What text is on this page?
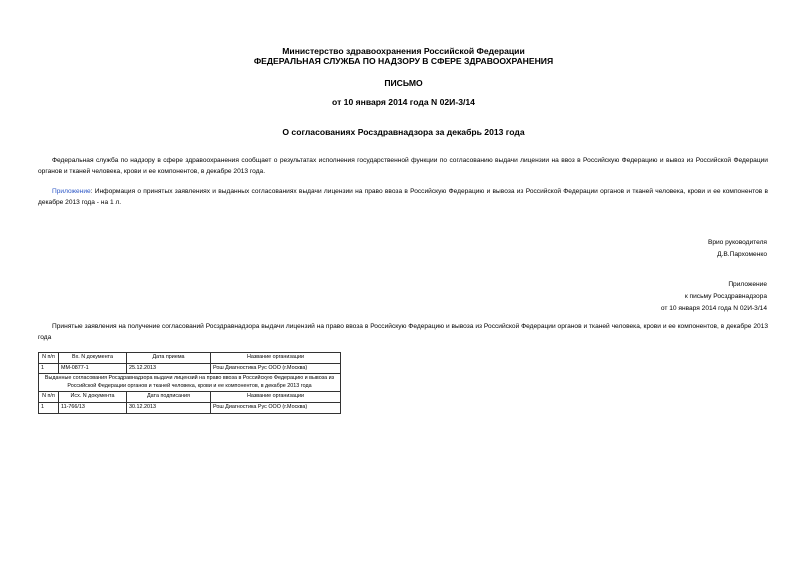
Министерство здравоохранения Российской Федерации
ФЕДЕРАЛЬНАЯ СЛУЖБА ПО НАДЗОРУ В СФЕРЕ ЗДРАВООХРАНЕНИЯ
ПИСЬМО
от 10 января 2014 года N 02И-3/14
О согласованиях Росздравнадзора за декабрь 2013 года
Федеральная служба по надзору в сфере здравоохранения сообщает о результатах исполнения государственной функции по согласованию выдачи лицензии на ввоз в Российскую Федерацию и вывоз из Российской Федерации органов и тканей человека, крови и ее компонентов, в декабре 2013 года.
Приложение: Информация о принятых заявлениях и выданных согласованиях выдачи лицензии на право ввоза в Российскую Федерацию и вывоза из Российской Федерации органов и тканей человека, крови и ее компонентов в декабре 2013 года - на 1 л.
Врио руководителя
Д.В.Пархоменко
Приложение
к письму Росздравнадзора
от 10 января 2014 года N 02И-3/14
Принятые заявления на получение согласований Росздравнадзора выдачи лицензий на право ввоза в Российскую Федерацию и вывоза из Российской Федерации органов и тканей человека, крови и ее компонентов, в декабре 2013 года
N п/п	Вх. N документа	Дата приема	Название организации
1	ММ-0877-1	25.12.2013	Рош Диагностика Рус ООО (г.Москва)
Выданные согласования Росздравнадзора выдачи лицензий на право ввоза в Российскую Федерацию и вывоза из Российской Федерации органов и тканей человека, крови и ее компонентов, в декабре 2013 года			
N п/п	Исх. N документа	Дата подписания	Название организации
1	11-766/13	30.12.2013	Рош Диагностика Рус ООО (г.Москва)
